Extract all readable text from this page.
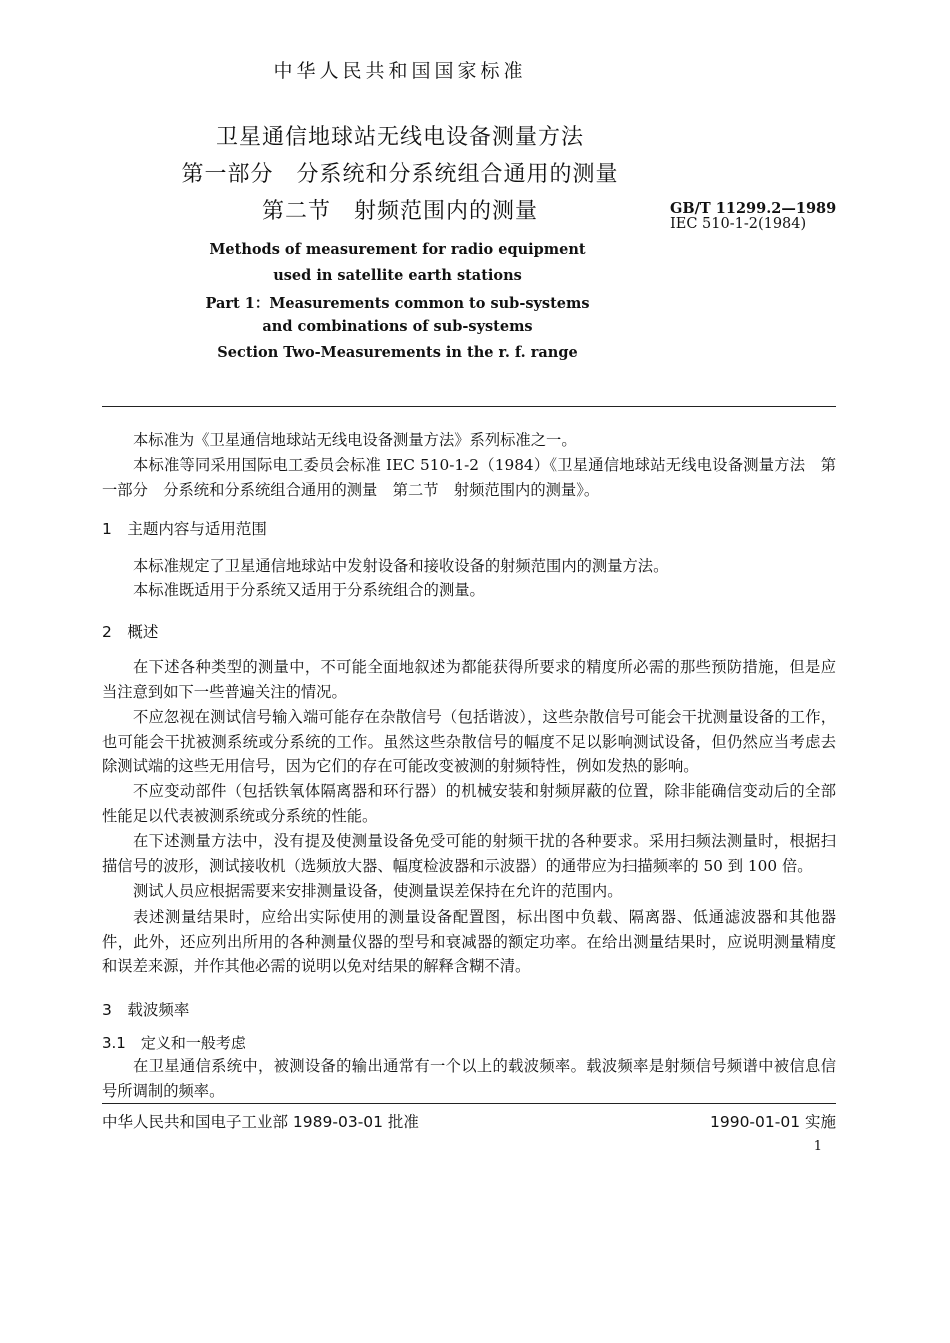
中华人民共和国国家标准
卫星通信地球站无线电设备测量方法
第一部分　分系统和分系统组合通用的测量
第二节　射频范围内的测量	GB/T 11299.2—1989
IEC 510-1-2(1984)
Methods of measurement for radio equipment
used in satellite earth stations
Part 1：Measurements common to sub-systems
and combinations of sub-systems
Section Two-Measurements in the r. f. range
本标准为《卫星通信地球站无线电设备测量方法》系列标准之一。
本标准等同采用国际电工委员会标准 IEC 510-1-2（1984）《卫星通信地球站无线电设备测量方法　第一部分　分系统和分系统组合通用的测量　第二节　射频范围内的测量》。
1　主题内容与适用范围
本标准规定了卫星通信地球站中发射设备和接收设备的射频范围内的测量方法。
本标准既适用于分系统又适用于分系统组合的测量。
2　概述
在下述各种类型的测量中，不可能全面地叙述为都能获得所要求的精度所必需的那些预防措施，但是应当注意到如下一些普遍关注的情况。
不应忽视在测试信号输入端可能存在杂散信号（包括谐波），这些杂散信号可能会干扰测量设备的工作，也可能会干扰被测系统或分系统的工作。虽然这些杂散信号的幅度不足以影响测试设备，但仍然应当考虑去除测试端的这些无用信号，因为它们的存在可能改变被测的射频特性，例如发热的影响。
不应变动部件（包括铁氧体隔离器和环行器）的机械安装和射频屏蔽的位置，除非能确信变动后的全部性能足以代表被测系统或分系统的性能。
在下述测量方法中，没有提及使测量设备免受可能的射频干扰的各种要求。采用扫频法测量时，根据扫描信号的波形，测试接收机（选频放大器、幅度检波器和示波器）的通带应为扫描频率的 50 到 100 倍。
测试人员应根据需要来安排测量设备，使测量误差保持在允许的范围内。
表述测量结果时，应给出实际使用的测量设备配置图，标出图中负载、隔离器、低通滤波器和其他器件，此外，还应列出所用的各种测量仪器的型号和衰减器的额定功率。在给出测量结果时，应说明测量精度和误差来源，并作其他必需的说明以免对结果的解释含糊不清。
3　载波频率
3.1　定义和一般考虑
在卫星通信系统中，被测设备的输出通常有一个以上的载波频率。载波频率是射频信号频谱中被信息信号所调制的频率。
中华人民共和国电子工业部 1989-03-01 批准	1990-01-01 实施
1
